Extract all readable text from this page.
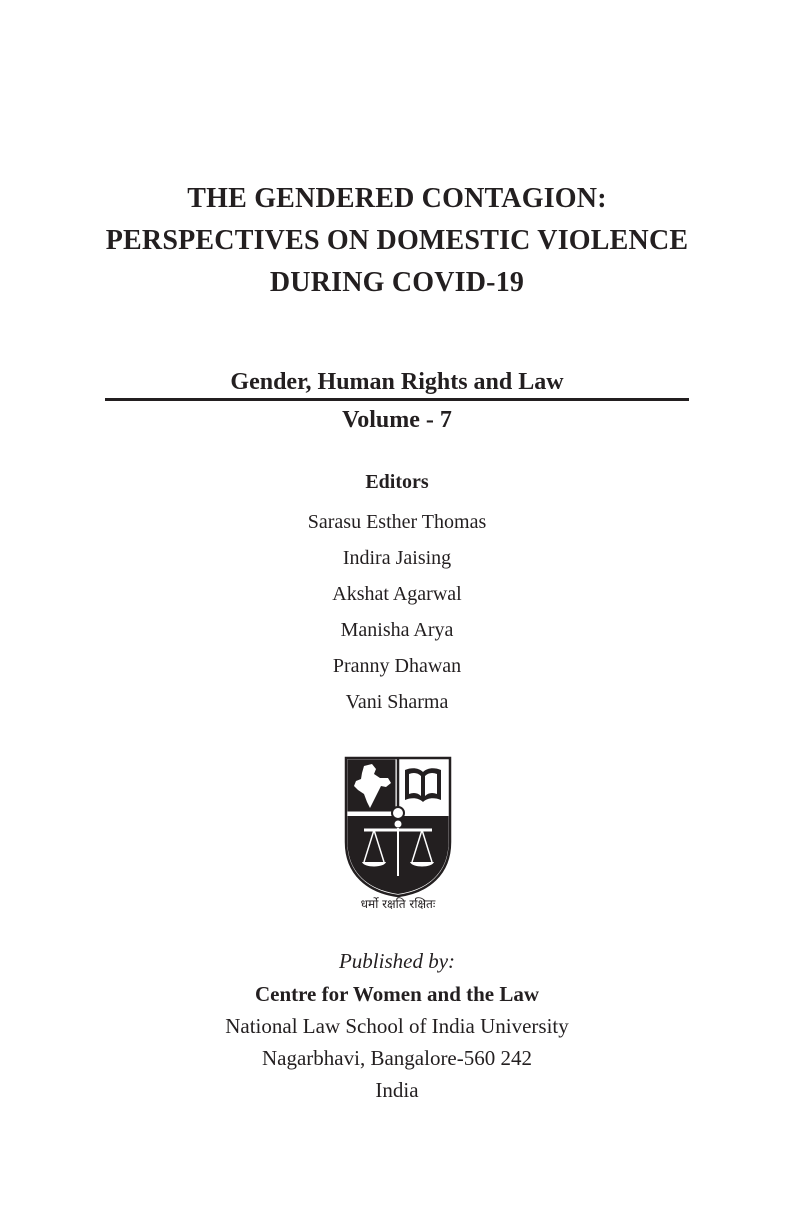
THE GENDERED CONTAGION:
PERSPECTIVES ON DOMESTIC VIOLENCE
DURING COVID-19
Gender, Human Rights and Law
Volume - 7
Editors
Sarasu Esther Thomas
Indira Jaising
Akshat Agarwal
Manisha Arya
Pranny Dhawan
Vani Sharma
धर्मो रक्षति रक्षितः
Published by:
Centre for Women and the Law
National Law School of India University
Nagarbhavi, Bangalore-560 242
India
